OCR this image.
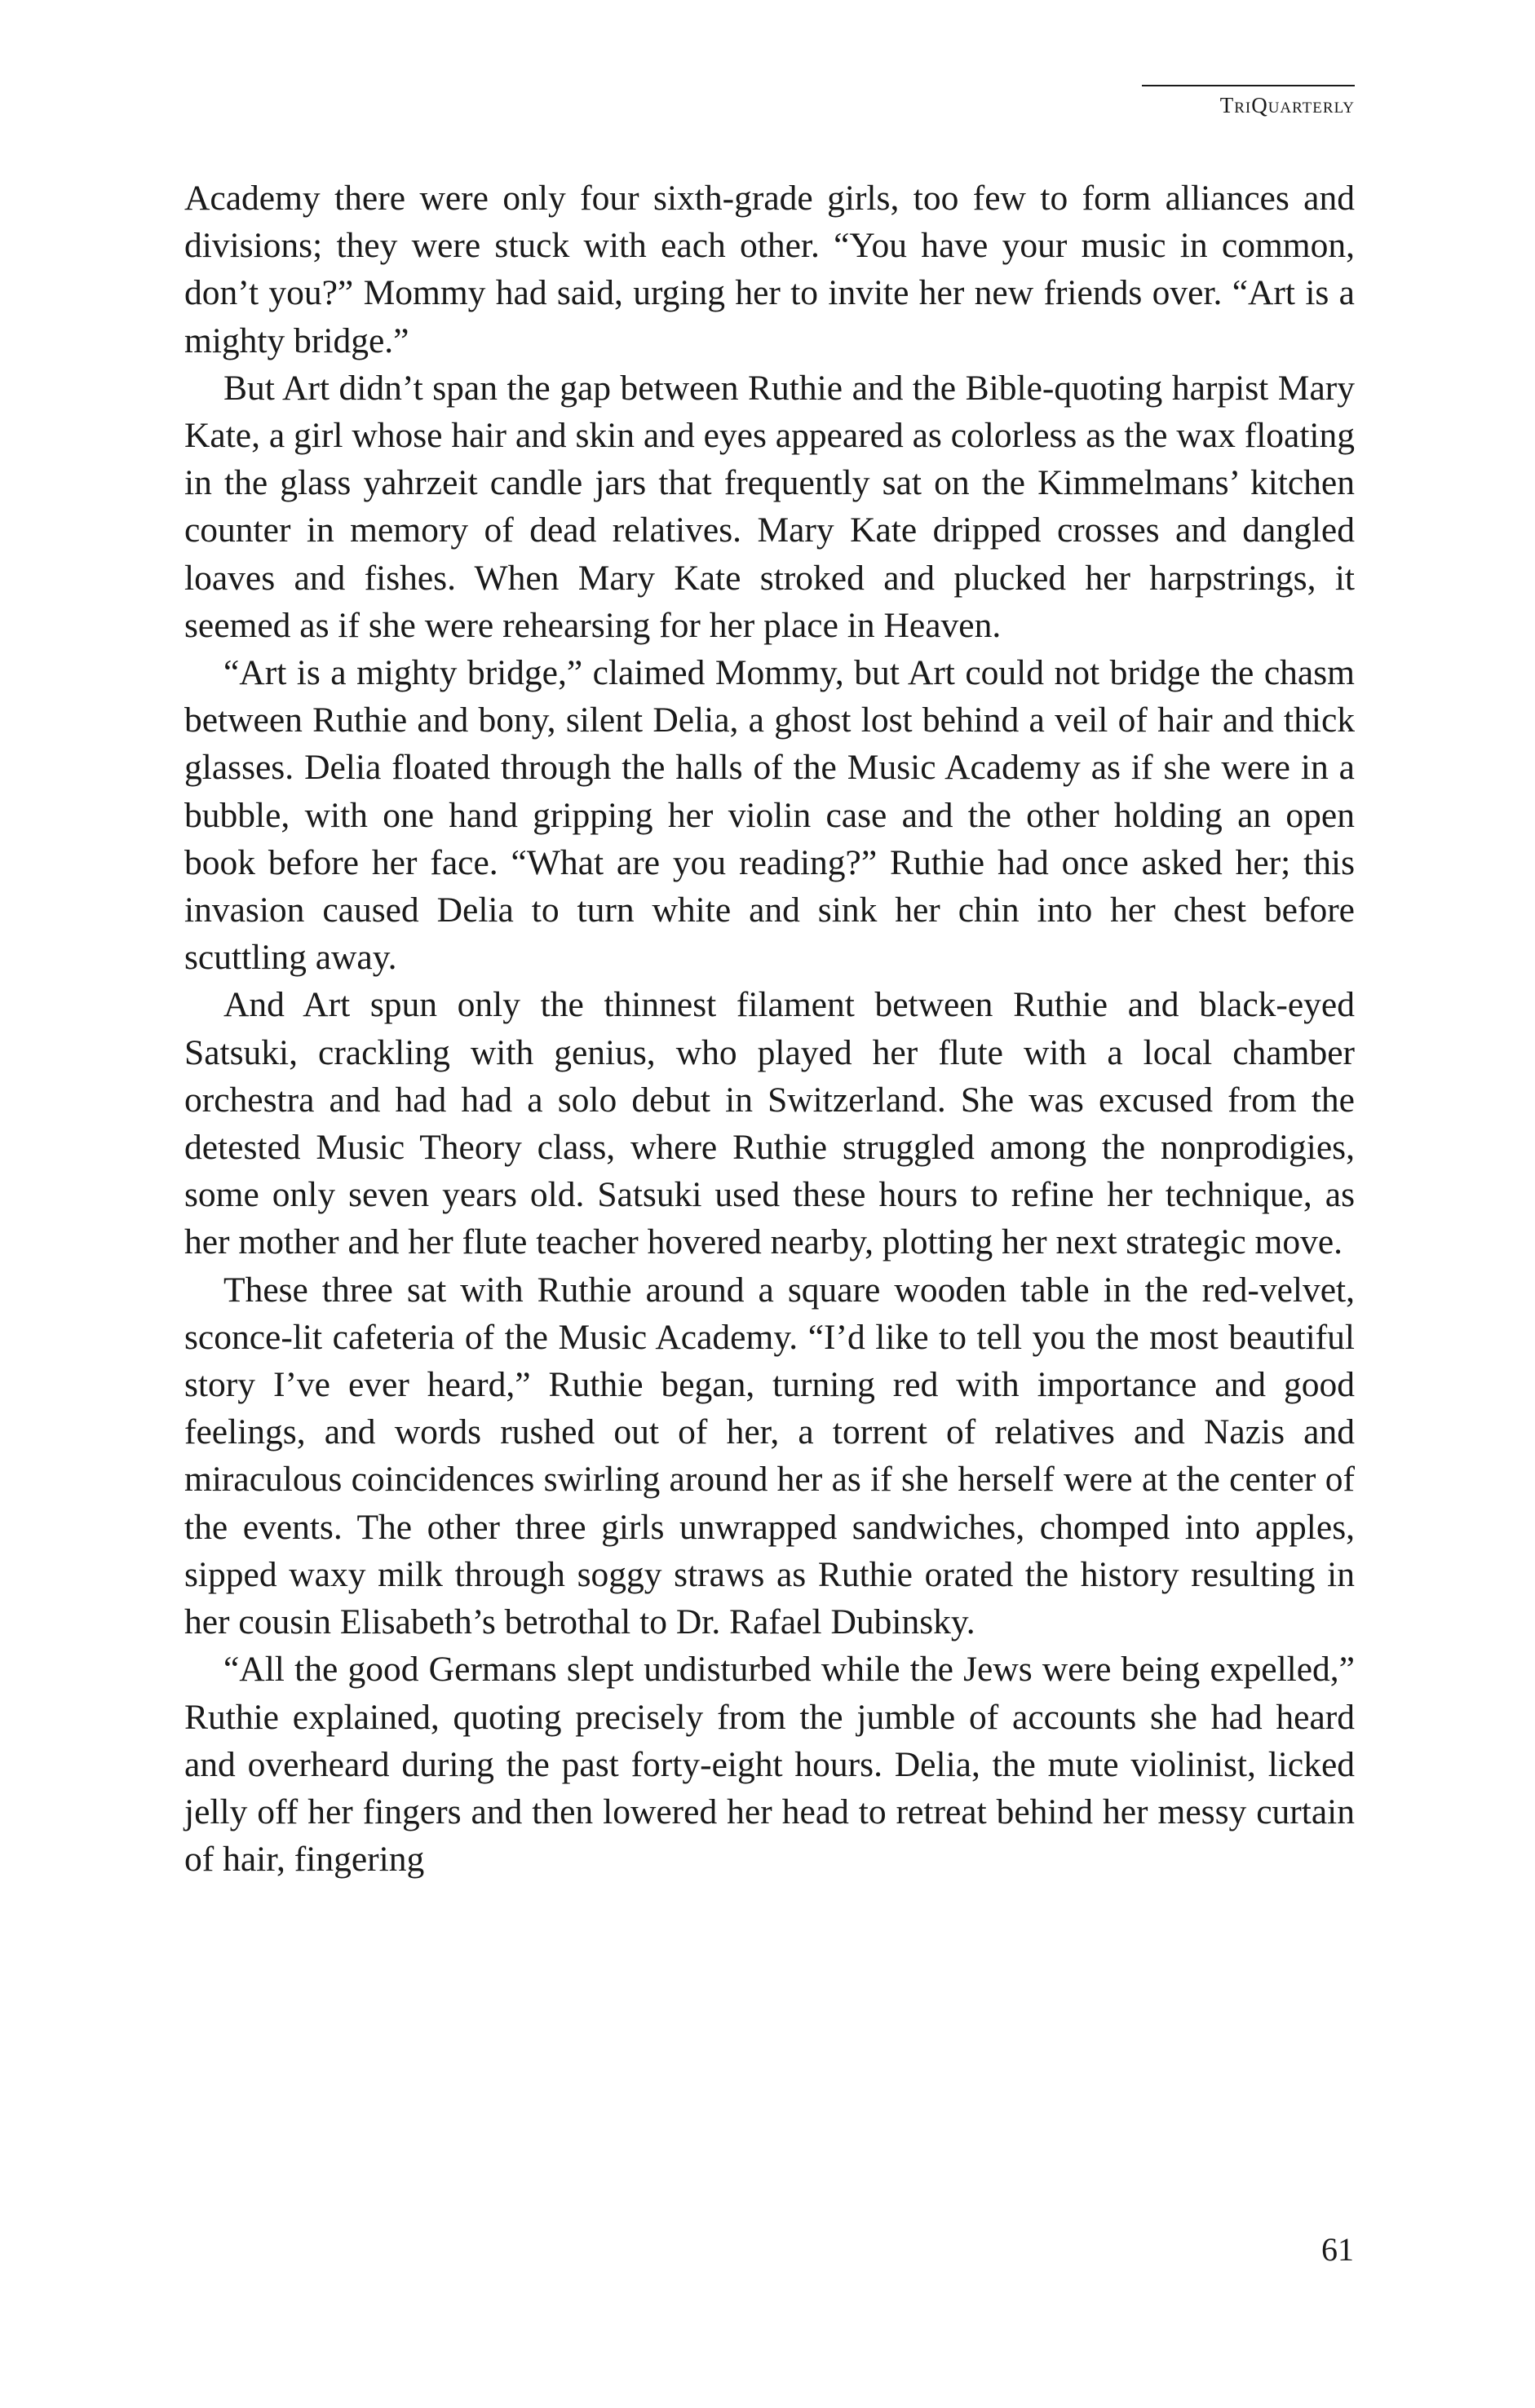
TriQuarterly

Academy there were only four sixth-grade girls, too few to form alliances and divisions; they were stuck with each other. “You have your music in common, don’t you?” Mommy had said, urging her to invite her new friends over. “Art is a mighty bridge.”

But Art didn’t span the gap between Ruthie and the Bible-quoting harpist Mary Kate, a girl whose hair and skin and eyes appeared as colorless as the wax floating in the glass yahrzeit candle jars that frequently sat on the Kimmelmans’ kitchen counter in memory of dead relatives. Mary Kate dripped crosses and dangled loaves and fishes. When Mary Kate stroked and plucked her harpstrings, it seemed as if she were rehearsing for her place in Heaven.

“Art is a mighty bridge,” claimed Mommy, but Art could not bridge the chasm between Ruthie and bony, silent Delia, a ghost lost behind a veil of hair and thick glasses. Delia floated through the halls of the Music Academy as if she were in a bubble, with one hand gripping her violin case and the other holding an open book before her face. “What are you reading?” Ruthie had once asked her; this invasion caused Delia to turn white and sink her chin into her chest before scuttling away.

And Art spun only the thinnest filament between Ruthie and black-eyed Satsuki, crackling with genius, who played her flute with a local chamber orchestra and had had a solo debut in Switzerland. She was excused from the detested Music Theory class, where Ruthie struggled among the nonprodigies, some only seven years old. Satsuki used these hours to refine her technique, as her mother and her flute teacher hovered nearby, plotting her next strategic move.

These three sat with Ruthie around a square wooden table in the red-velvet, sconce-lit cafeteria of the Music Academy. “I’d like to tell you the most beautiful story I’ve ever heard,” Ruthie began, turning red with importance and good feelings, and words rushed out of her, a torrent of relatives and Nazis and miraculous coincidences swirling around her as if she herself were at the center of the events. The other three girls unwrapped sandwiches, chomped into apples, sipped waxy milk through soggy straws as Ruthie orated the history resulting in her cousin Elisabeth’s betrothal to Dr. Rafael Dubinsky.

“All the good Germans slept undisturbed while the Jews were being expelled,” Ruthie explained, quoting precisely from the jumble of accounts she had heard and overheard during the past forty-eight hours. Delia, the mute violinist, licked jelly off her fingers and then lowered her head to retreat behind her messy curtain of hair, fingering

61
